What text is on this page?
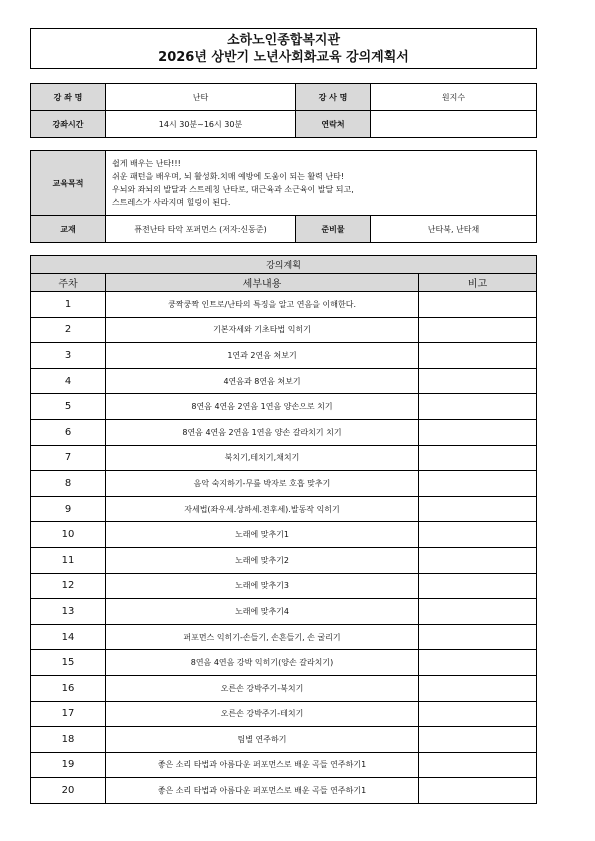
소하노인종합복지관
2026년 상반기 노년사회화교육 강의계획서
강 좌 명	난타	강 사 명	원지수
강좌시간	14시 30분~16시 30분	연락처	
교육목적	쉽게 배우는 난타!!!
쉬운 패턴을 배우며, 뇌 활성화.치매 예방에 도움이 되는 활력 난타!
우뇌와 좌뇌의 발달과 스트레칭 난타로, 대근육과 소근육이 발달 되고,
스트레스가 사라지며 힐링이 된다.		

교재	퓨전난타 타악 포퍼먼스 (저자:신동준)	준비물	난타북, 난타채
강의계획		
주차	세부내용	비고
1	쿵짝쿵짝 인트로/난타의 특징을 알고 연음을 이해한다.	
2	기본자세와 기초타법 익히기	
3	1연과 2연음 쳐보기	
4	4연음과 8연음 쳐보기	
5	8연음 4연음 2연음 1연음 양손으로 치기	
6	8연음 4연음 2연음 1연음 양손 갈라치기 치기	
7	북치기,테치기,채치기	
8	음악 숙지하기-무릎 박자로 호흡 맞추기	
9	자세법(좌우세.상하세.전후세).발동작 익히기	
10	노래에 맞추기1	
11	노래에 맞추기2	
12	노래에 맞추기3	
13	노래에 맞추기4	
14	퍼포먼스 익히기-손들기, 손흔들기, 손 굴리기	
15	8연음 4연음 강박 익히기(양손 갈라치기)	
16	오른손 강박주기-북치기	
17	오른손 강박주기-테치기	
18	팀별 연주하기	
19	좋은 소리 타법과 아름다운 퍼포먼스로 배운 곡들 연주하기1	
20	좋은 소리 타법과 아름다운 퍼포먼스로 배운 곡들 연주하기1	
